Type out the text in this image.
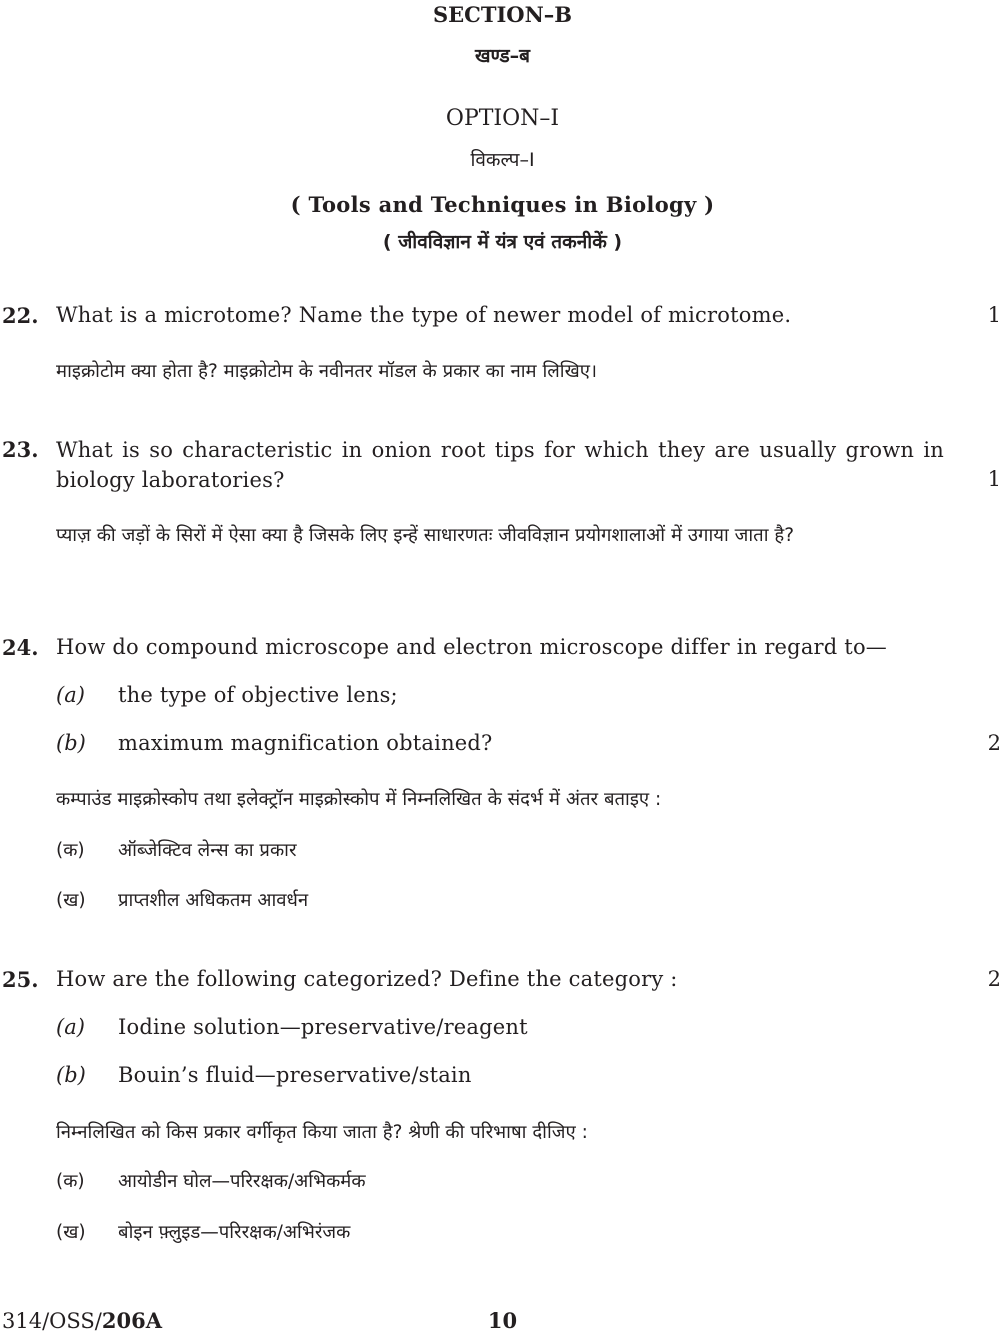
SECTION–B
खण्ड–ब
OPTION–I
विकल्प–I
( Tools and Techniques in Biology )
( जीवविज्ञान में यंत्र एवं तकनीकें )
22. What is a microtome? Name the type of newer model of microtome.	1
माइक्रोटोम क्या होता है? माइक्रोटोम के नवीनतर मॉडल के प्रकार का नाम लिखिए।
23. What is so characteristic in onion root tips for which they are usually grown in biology laboratories?	1
प्याज़ की जड़ों के सिरों में ऐसा क्या है जिसके लिए इन्हें साधारणतः जीवविज्ञान प्रयोगशालाओं में उगाया जाता है?
24. How do compound microscope and electron microscope differ in regard to—
(a) the type of objective lens;
(b) maximum magnification obtained?	2
कम्पाउंड माइक्रोस्कोप तथा इलेक्ट्रॉन माइक्रोस्कोप में निम्नलिखित के संदर्भ में अंतर बताइए :
(क) ऑब्जेक्टिव लेन्स का प्रकार
(ख) प्राप्तशील अधिकतम आवर्धन
25. How are the following categorized? Define the category :	2
(a) Iodine solution—preservative/reagent
(b) Bouin’s fluid—preservative/stain
निम्नलिखित को किस प्रकार वर्गीकृत किया जाता है? श्रेणी की परिभाषा दीजिए :
(क) आयोडीन घोल—परिरक्षक/अभिकर्मक
(ख) बोइन फ़्लुइड—परिरक्षक/अभिरंजक
314/OSS/206A	10
